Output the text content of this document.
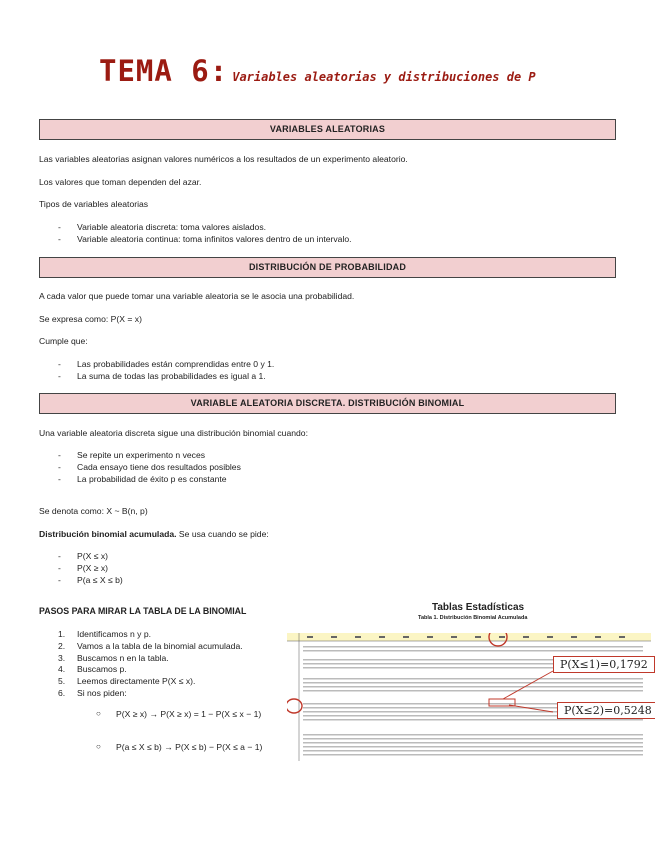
TEMA 6: Variables aleatorias y distribuciones de P
VARIABLES ALEATORIAS
Las variables aleatorias asignan valores numéricos a los resultados de un experimento aleatorio.
Los valores que toman dependen del azar.
Tipos de variables aleatorias
- Variable aleatoria discreta: toma valores aislados.
- Variable aleatoria continua: toma infinitos valores dentro de un intervalo.
DISTRIBUCIÓN DE PROBABILIDAD
A cada valor que puede tomar una variable aleatoria se le asocia una probabilidad.
Se expresa como: P(X = x)
Cumple que:
- Las probabilidades están comprendidas entre 0 y 1.
- La suma de todas las probabilidades es igual a 1.
VARIABLE ALEATORIA DISCRETA. DISTRIBUCIÓN BINOMIAL
Una variable aleatoria discreta sigue una distribución binomial cuando:
- Se repite un experimento n veces
- Cada ensayo tiene dos resultados posibles
- La probabilidad de éxito p es constante
Se denota como: X ~ B(n, p)
Distribución binomial acumulada. Se usa cuando se pide:
- P(X ≤ x)
- P(X ≥ x)
- P(a ≤ X ≤ b)
PASOS PARA MIRAR LA TABLA DE LA BINOMIAL
1. Identificamos n y p.
2. Vamos a la tabla de la binomial acumulada.
3. Buscamos n en la tabla.
4. Buscamos p.
5. Leemos directamente P(X ≤ x).
6. Si nos piden:
○ P(X ≥ x) → P(X ≥ x) = 1 − P(X ≤ x − 1)
○ P(a ≤ X ≤ b) → P(X ≤ b) − P(X ≤ a − 1)
Tablas Estadísticas
Tabla 1. Distribución Binomial Acumulada
P(X≤1)=0,1792
P(X≤2)=0,5248
